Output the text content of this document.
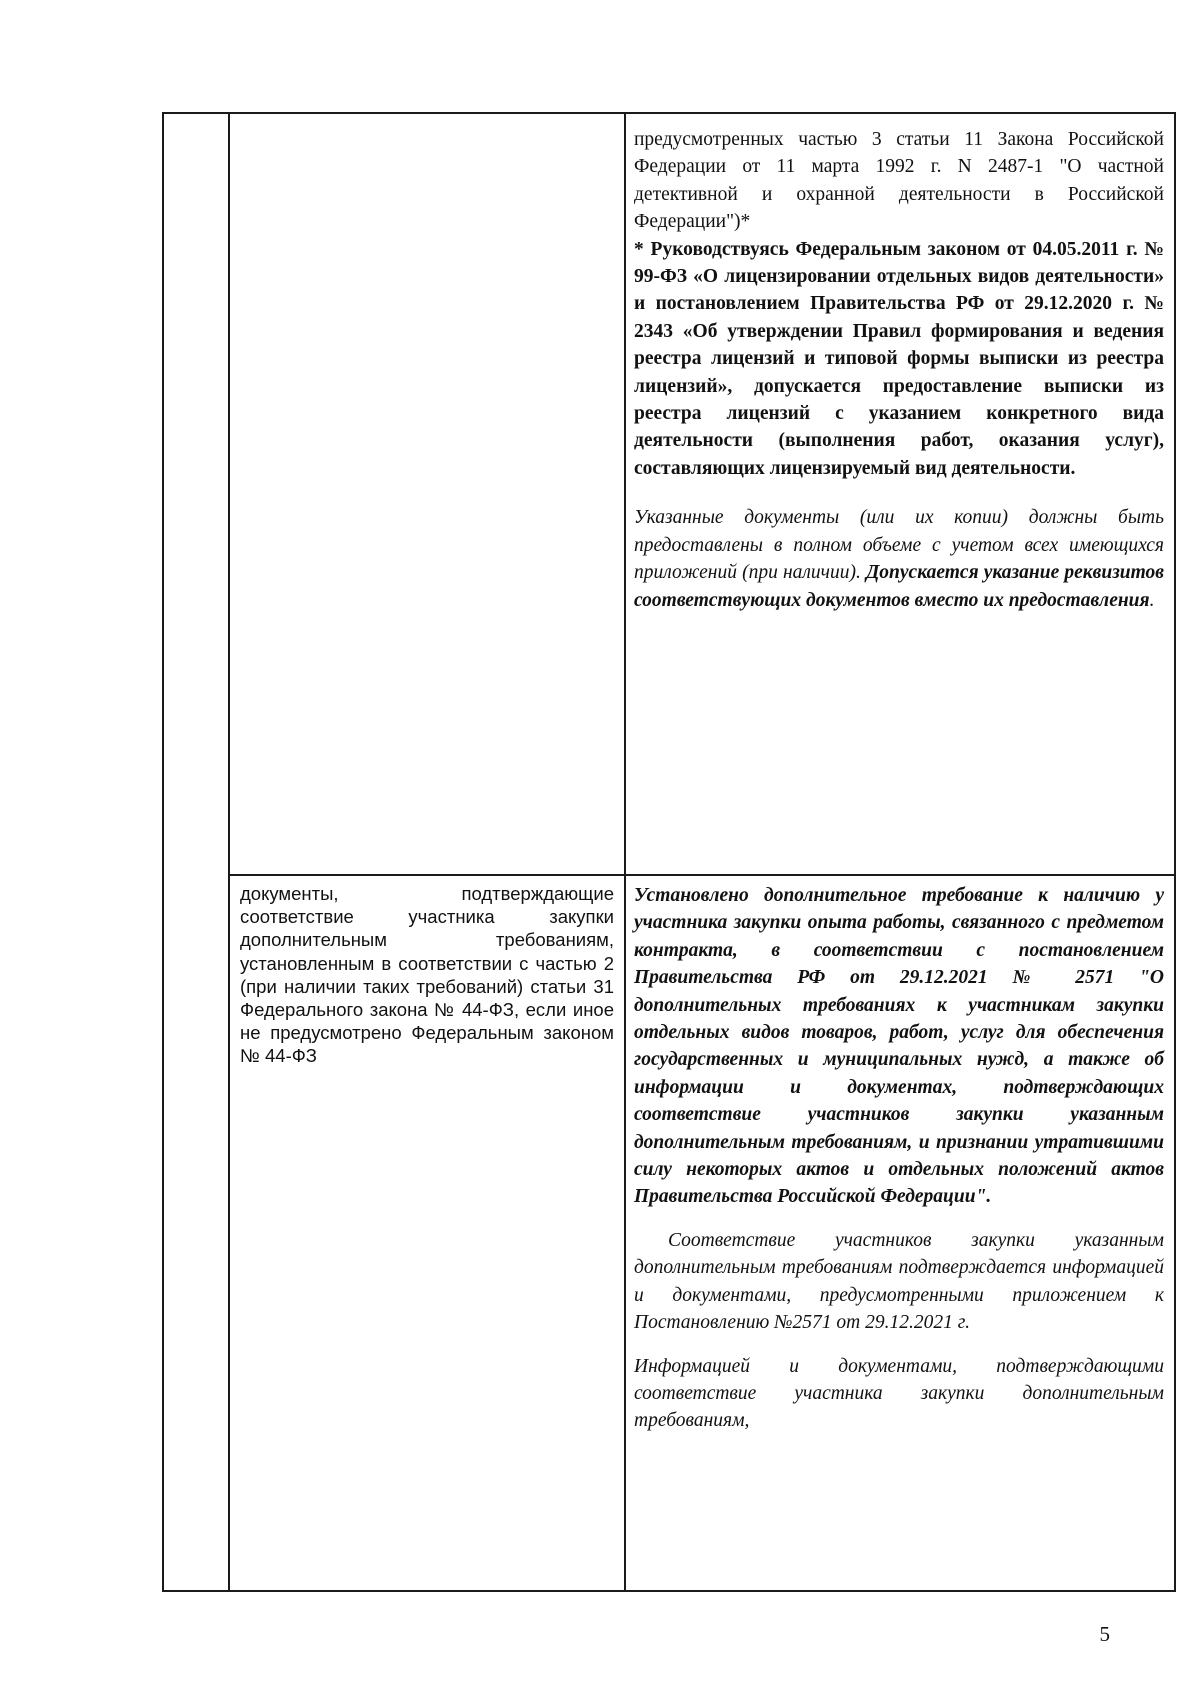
предусмотренных частью 3 статьи 11 Закона Российской Федерации от 11 марта 1992 г. N 2487-1 "О частной детективной и охранной деятельности в Российской Федерации")*

* Руководствуясь Федеральным законом от 04.05.2011 г. № 99-ФЗ «О лицензировании отдельных видов деятельности» и постановлением Правительства РФ от 29.12.2020 г. № 2343 «Об утверждении Правил формирования и ведения реестра лицензий и типовой формы выписки из реестра лицензий», допускается предоставление выписки из реестра лицензий с указанием конкретного вида деятельности (выполнения работ, оказания услуг), составляющих лицензируемый вид деятельности.

Указанные документы (или их копии) должны быть предоставлены в полном объеме с учетом всех имеющихся приложений (при наличии). Допускается указание реквизитов соответствующих документов вместо их предоставления.

документы, подтверждающие соответствие участника закупки дополнительным требованиям, установленным в соответствии с частью 2 (при наличии таких требований) статьи 31 Федерального закона № 44-ФЗ, если иное не предусмотрено Федеральным законом № 44-ФЗ

Установлено дополнительное требование к наличию у участника закупки опыта работы, связанного с предметом контракта, в соответствии с постановлением Правительства РФ от 29.12.2021 № 2571 "О дополнительных требованиях к участникам закупки отдельных видов товаров, работ, услуг для обеспечения государственных и муниципальных нужд, а также об информации и документах, подтверждающих соответствие участников закупки указанным дополнительным требованиям, и признании утратившими силу некоторых актов и отдельных положений актов Правительства Российской Федерации".

Соответствие участников закупки указанным дополнительным требованиям подтверждается информацией и документами, предусмотренными приложением к Постановлению №2571 от 29.12.2021 г.

Информацией и документами, подтверждающими соответствие участника закупки дополнительным требованиям,

5
